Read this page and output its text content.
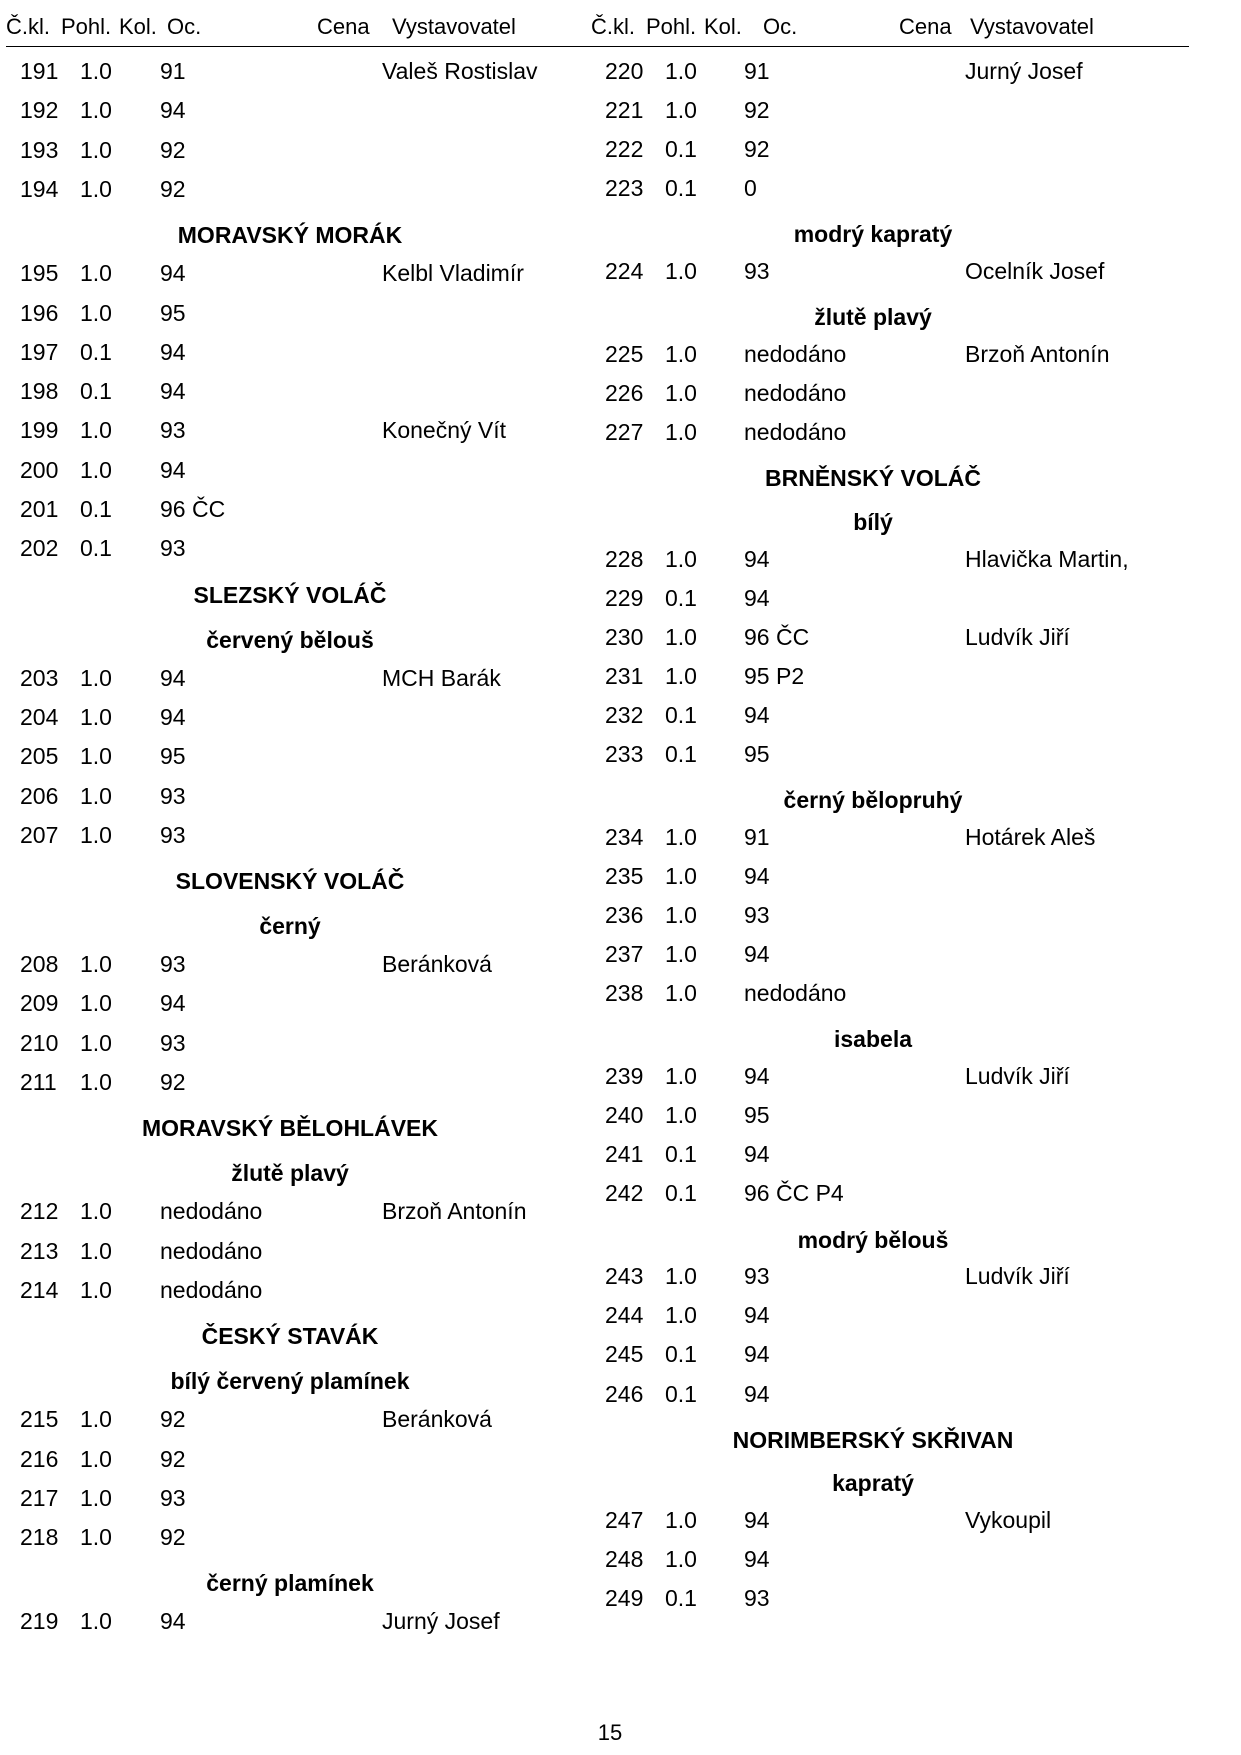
Č.kl. Pohl. Kol. Oc.	Cena Vystavovatel	Č.kl. Pohl. Kol. Oc.	Cena Vystavovatel
191 1.0 91	Valeš Rostislav
192 1.0 94
193 1.0 92
194 1.0 92
MORAVSKÝ MORÁK
195 1.0 94	Kelbl Vladimír
196 1.0 95
197 0.1 94
198 0.1 94
199 1.0 93	Konečný Vít
200 1.0 94
201 0.1 96 ČC
202 0.1 93
SLEZSKÝ VOLÁČ
červený bělouš
203 1.0 94	MCH Barák
204 1.0 94
205 1.0 95
206 1.0 93
207 1.0 93
SLOVENSKÝ VOLÁČ
černý
208 1.0 93	Beránková
209 1.0 94
210 1.0 93
211 1.0 92
MORAVSKÝ BĚLOHLÁVEK
žlutě plavý
212 1.0 nedodáno	Brzoň Antonín
213 1.0 nedodáno
214 1.0 nedodáno
ČESKÝ STAVÁK
bílý červený plamínek
215 1.0 92	Beránková
216 1.0 92
217 1.0 93
218 1.0 92
černý plamínek
219 1.0 94	Jurný Josef
220 1.0 91	Jurný Josef
221 1.0 92
222 0.1 92
223 0.1 0
modrý kapratý
224 1.0 93	Ocelník Josef
žlutě plavý
225 1.0 nedodáno	Brzoň Antonín
226 1.0 nedodáno
227 1.0 nedodáno
BRNĚNSKÝ VOLÁČ
bílý
228 1.0 94	Hlavička Martin,
229 0.1 94
230 1.0 96 ČC	Ludvík Jiří
231 1.0 95 P2
232 0.1 94
233 0.1 95
černý bělopruhý
234 1.0 91	Hotárek Aleš
235 1.0 94
236 1.0 93
237 1.0 94
238 1.0 nedodáno
isabela
239 1.0 94	Ludvík Jiří
240 1.0 95
241 0.1 94
242 0.1 96 ČC P4
modrý bělouš
243 1.0 93	Ludvík Jiří
244 1.0 94
245 0.1 94
246 0.1 94
NORIMBERSKÝ SKŘIVAN
kapratý
247 1.0 94	Vykoupil
248 1.0 94
249 0.1 93
15
